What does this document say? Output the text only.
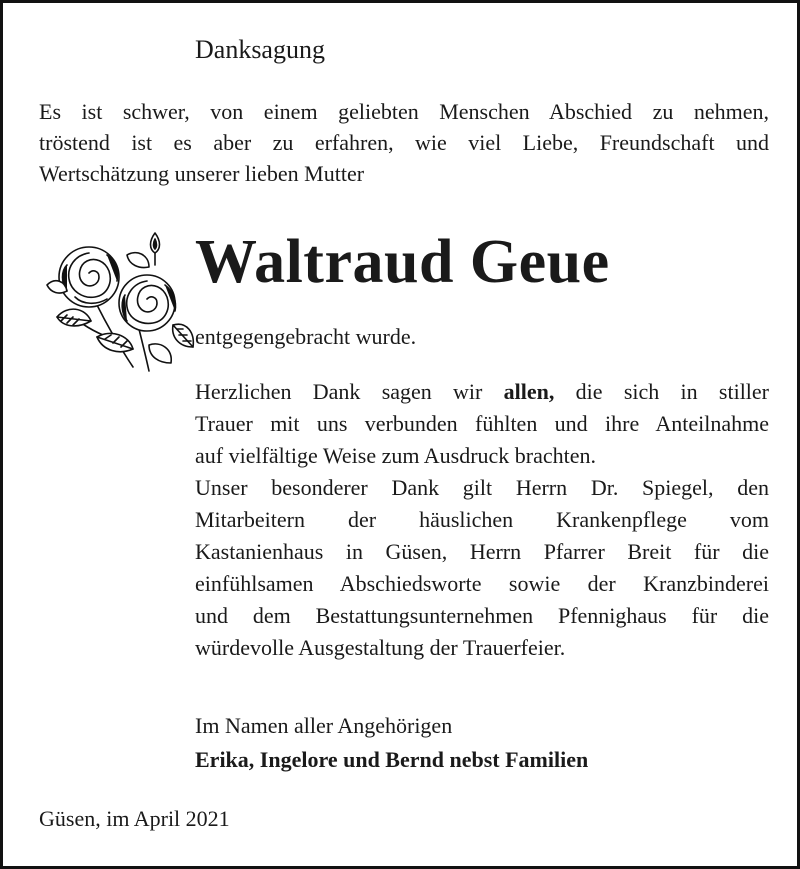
Danksagung
Es ist schwer, von einem geliebten Menschen Abschied zu nehmen,
tröstend ist es aber zu erfahren, wie viel Liebe, Freundschaft und
Wertschätzung unserer lieben Mutter
Waltraud Geue
entgegengebracht wurde.
Herzlichen Dank sagen wir allen, die sich in stiller
Trauer mit uns verbunden fühlten und ihre Anteilnahme
auf vielfältige Weise zum Ausdruck brachten.
Unser besonderer Dank gilt Herrn Dr. Spiegel, den
Mitarbeitern der häuslichen Krankenpflege vom
Kastanienhaus in Güsen, Herrn Pfarrer Breit für die
einfühlsamen Abschiedsworte sowie der Kranzbinderei
und dem Bestattungsunternehmen Pfennighaus für die
würdevolle Ausgestaltung der Trauerfeier.
Im Namen aller Angehörigen
Erika, Ingelore und Bernd nebst Familien
Güsen, im April 2021
